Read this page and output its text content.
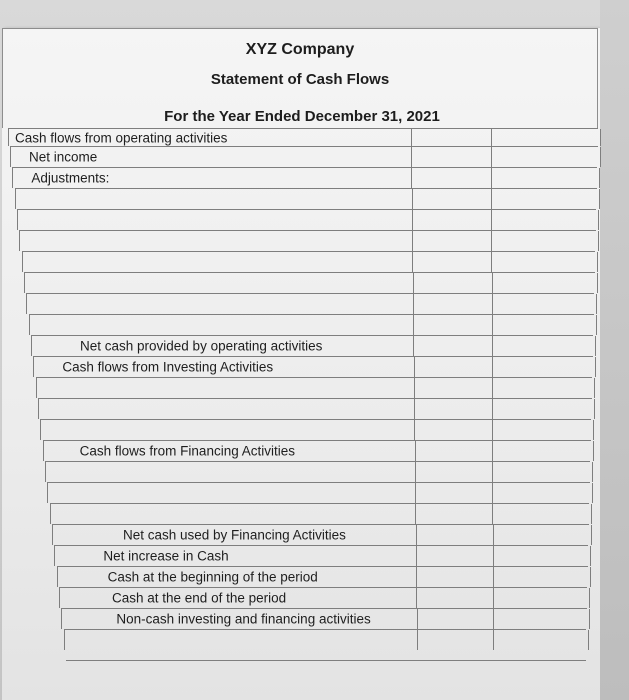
XYZ Company
Statement of Cash Flows
For the Year Ended December 31, 2021
Cash flows from operating activities
Net income
Adjustments:
Net cash provided by operating activities
Cash flows from Investing Activities
Cash flows from Financing Activities
Net cash used by Financing Activities
Net increase in Cash
Cash at the beginning of the period
Cash at the end of the period
Non-cash investing and financing activities
